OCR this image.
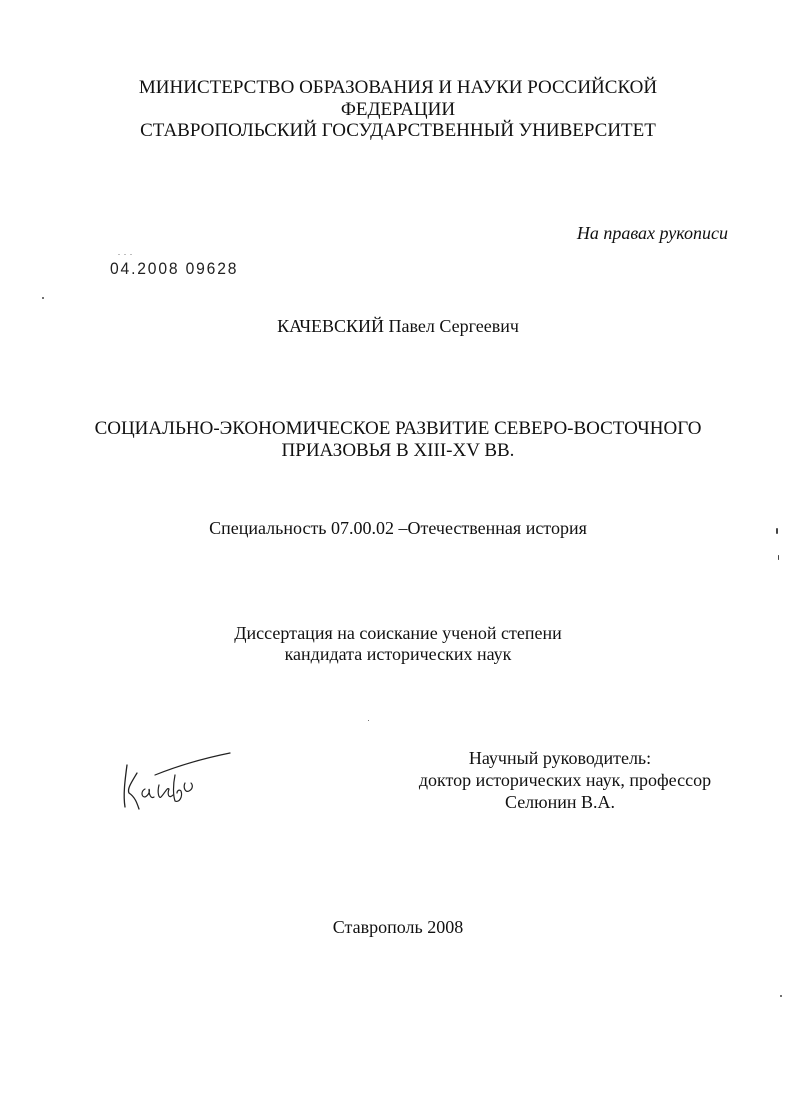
МИНИСТЕРСТВО ОБРАЗОВАНИЯ И НАУКИ РОССИЙСКОЙ
ФЕДЕРАЦИИ
СТАВРОПОЛЬСКИЙ ГОСУДАРСТВЕННЫЙ УНИВЕРСИТЕТ
На правах рукописи
. . .
04.2008 09628
КАЧЕВСКИЙ Павел Сергеевич
СОЦИАЛЬНО-ЭКОНОМИЧЕСКОЕ РАЗВИТИЕ СЕВЕРО-ВОСТОЧНОГО
ПРИАЗОВЬЯ В XIII-XV ВВ.
Специальность 07.00.02 –Отечественная история
Диссертация на соискание ученой степени
кандидата исторических наук
Научный руководитель:
доктор исторических наук, профессор
Селюнин В.А.
Ставрополь 2008
